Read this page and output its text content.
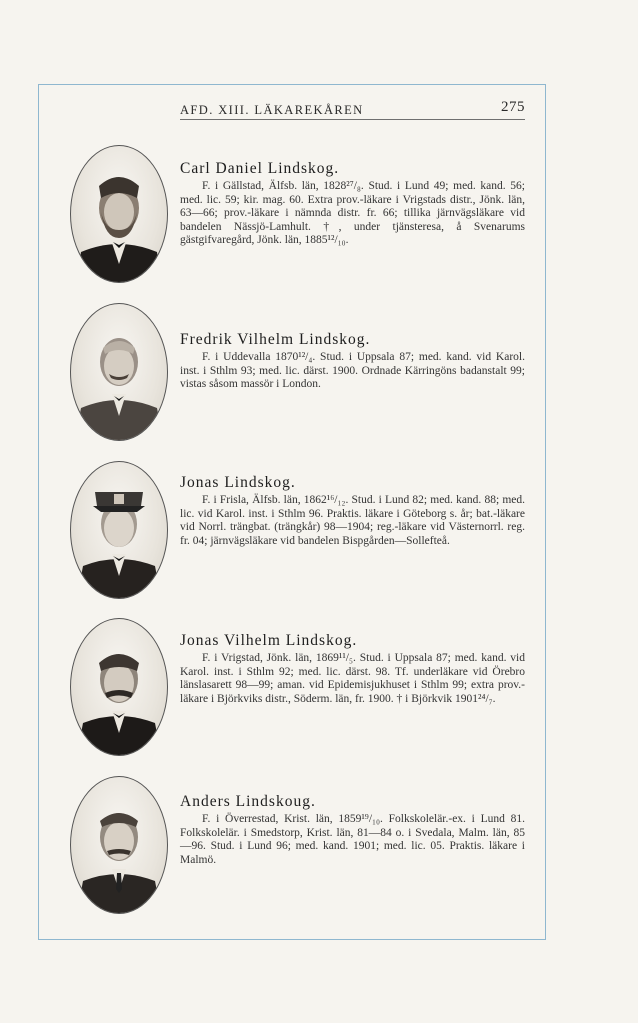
AFD. XIII. LÄKAREKÅREN	275
Carl Daniel Lindskog.

F. i Gällstad, Älfsb. län, 1828²⁷/₈. Stud. i Lund 49; med. kand. 56; med. lic. 59; kir. mag. 60. Extra prov.-läkare i Vrigstads distr., Jönk. län, 63—66; prov.-läkare i nämnda distr. fr. 66; tillika järnvägsläkare vid bandelen Nässjö-Lamhult. †, under tjänsteresa, å Svenarums gästgifvaregård, Jönk. län, 1885¹²/₁₀.

Fredrik Vilhelm Lindskog.

F. i Uddevalla 1870¹²/₄. Stud. i Uppsala 87; med. kand. vid Karol. inst. i Sthlm 93; med. lic. därst. 1900. Ordnade Kärringöns badanstalt 99; vistas såsom massör i London.

Jonas Lindskog.

F. i Frisla, Älfsb. län, 1862¹⁶/₁₂. Stud. i Lund 82; med. kand. 88; med. lic. vid Karol. inst. i Sthlm 96. Praktis. läkare i Göteborg s. år; bat.-läkare vid Norrl. trängbat. (trängkår) 98—1904; reg.-läkare vid Västernorrl. reg. fr. 04; järnvägsläkare vid bandelen Bispgården—Sollefteå.

Jonas Vilhelm Lindskog.

F. i Vrigstad, Jönk. län, 1869¹¹/₅. Stud. i Uppsala 87; med. kand. vid Karol. inst. i Sthlm 92; med. lic. därst. 98. Tf. underläkare vid Örebro länslasarett 98—99; aman. vid Epidemisjukhuset i Sthlm 99; extra prov.-läkare i Björkviks distr., Söderm. län, fr. 1900. † i Björkvik 1901²⁴/₇.

Anders Lindskoug.

F. i Överrestad, Krist. län, 1859¹⁹/₁₀. Folkskolelär.-ex. i Lund 81. Folkskolelär. i Smedstorp, Krist. län, 81—84 o. i Svedala, Malm. län, 85—96. Stud. i Lund 96; med. kand. 1901; med. lic. 05. Praktis. läkare i Malmö.
